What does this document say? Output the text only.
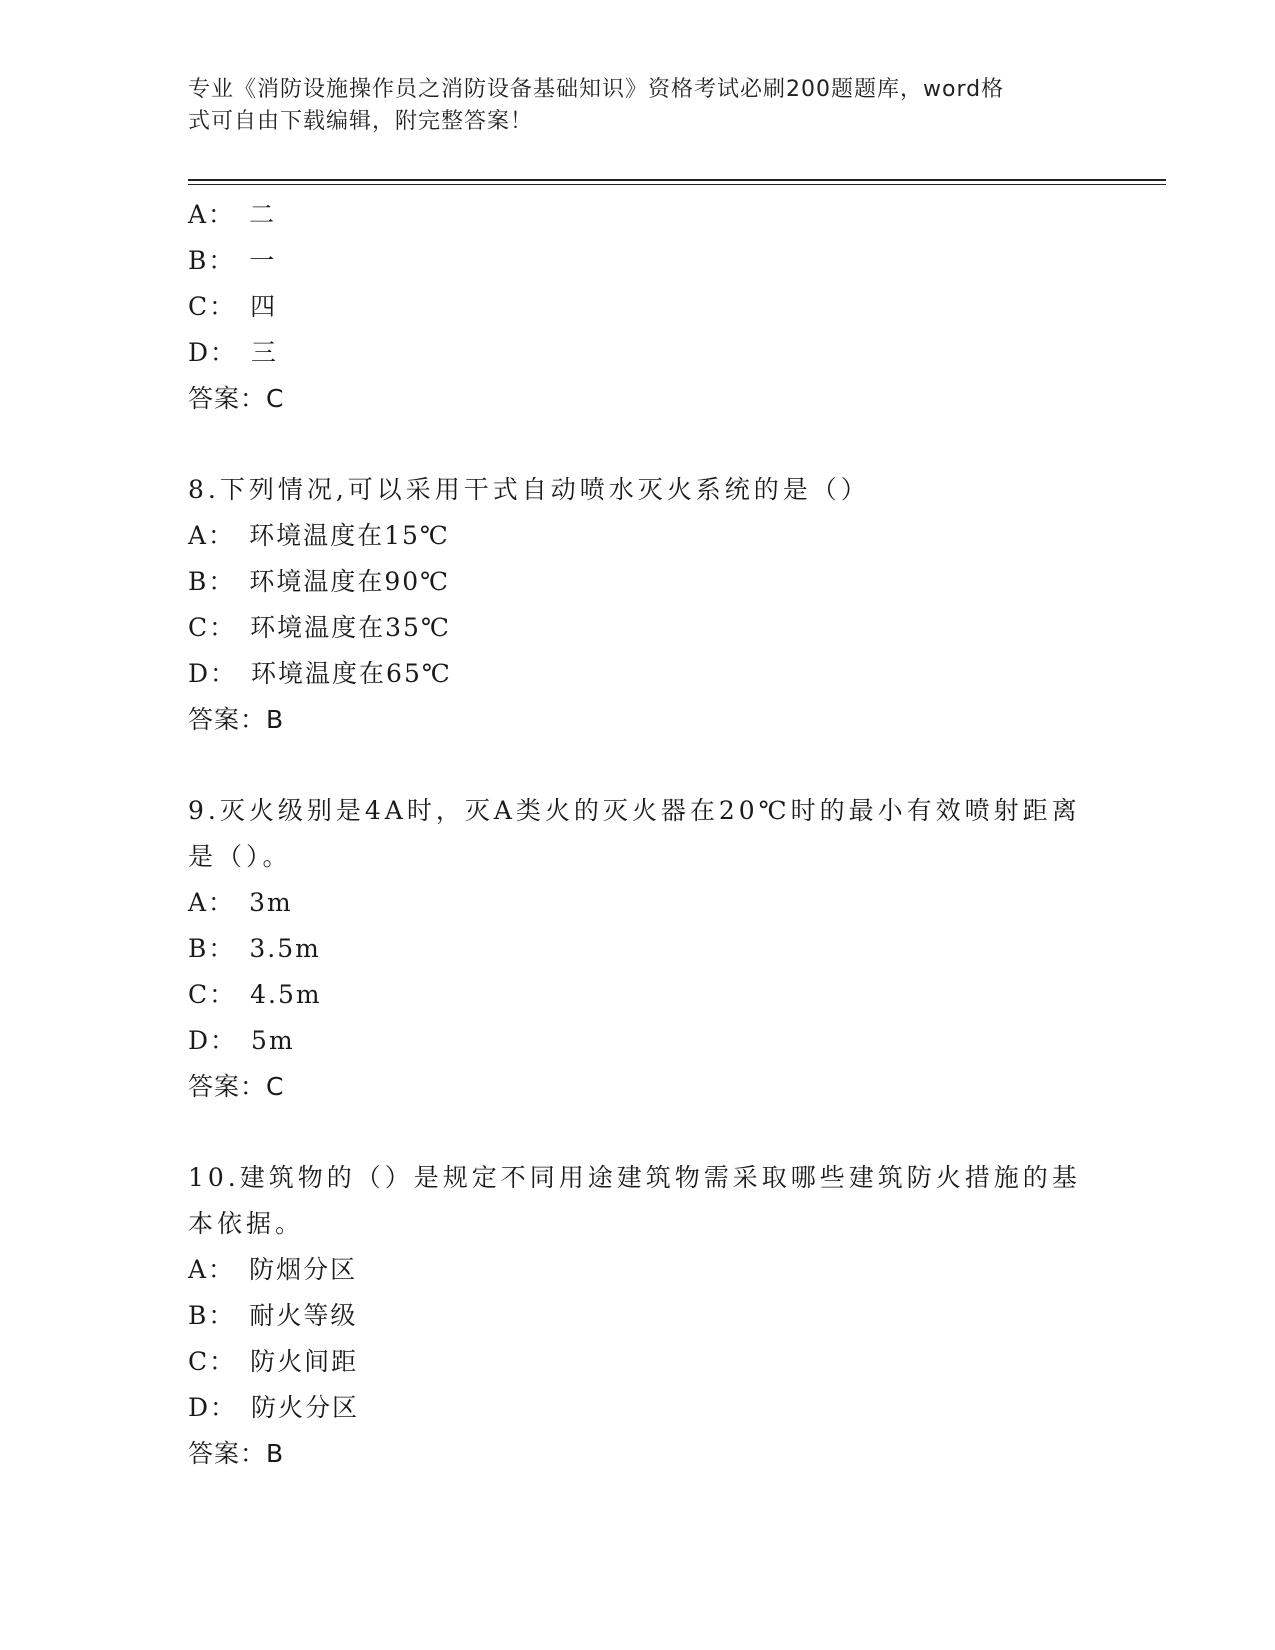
专业《消防设施操作员之消防设备基础知识》资格考试必刷200题题库，word格
式可自由下载编辑，附完整答案！
A： 二
B： 一
C： 四
D： 三
答案：C
8.下列情况,可以采用干式自动喷水灭火系统的是（）
A： 环境温度在15℃
B： 环境温度在90℃
C： 环境温度在35℃
D： 环境温度在65℃
答案：B
9.灭火级别是4A时，灭A类火的灭火器在20℃时的最小有效喷射距离
是（）。
A： 3m
B： 3.5m
C： 4.5m
D： 5m
答案：C
10.建筑物的（）是规定不同用途建筑物需采取哪些建筑防火措施的基
本依据。
A： 防烟分区
B： 耐火等级
C： 防火间距
D： 防火分区
答案：B
